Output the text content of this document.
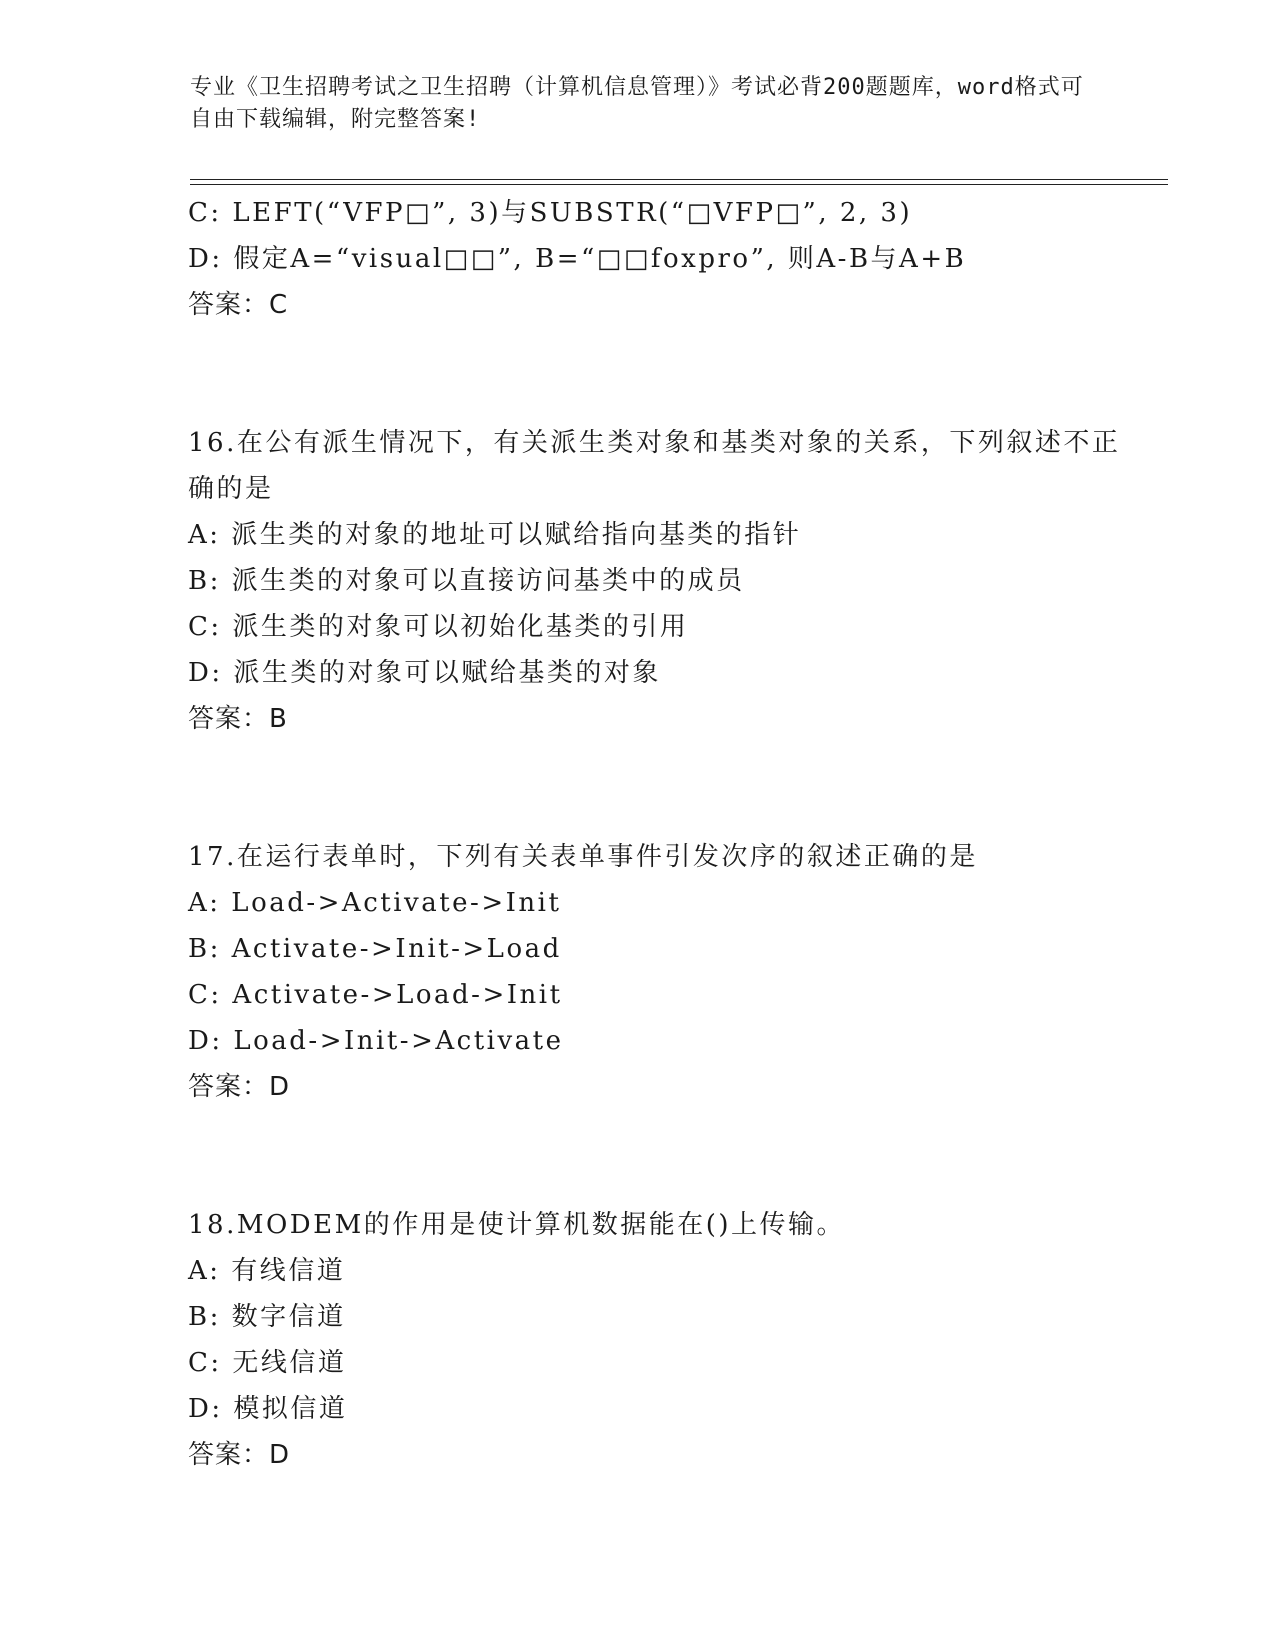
专业《卫生招聘考试之卫生招聘（计算机信息管理）》考试必背200题题库，word格式可自由下载编辑，附完整答案!
C: LEFT(“VFP□”, 3)与SUBSTR(“□VFP□”, 2, 3)
D: 假定A=“visual□□”, B=“□□foxpro”, 则A-B与A+B
答案：C
16.在公有派生情况下，有关派生类对象和基类对象的关系，下列叙述不正确的是
A: 派生类的对象的地址可以赋给指向基类的指针
B: 派生类的对象可以直接访问基类中的成员
C: 派生类的对象可以初始化基类的引用
D: 派生类的对象可以赋给基类的对象
答案：B
17.在运行表单时，下列有关表单事件引发次序的叙述正确的是
A: Load->Activate->Init
B: Activate->Init->Load
C: Activate->Load->Init
D: Load->Init->Activate
答案：D
18.MODEM的作用是使计算机数据能在()上传输。
A: 有线信道
B: 数字信道
C: 无线信道
D: 模拟信道
答案：D
